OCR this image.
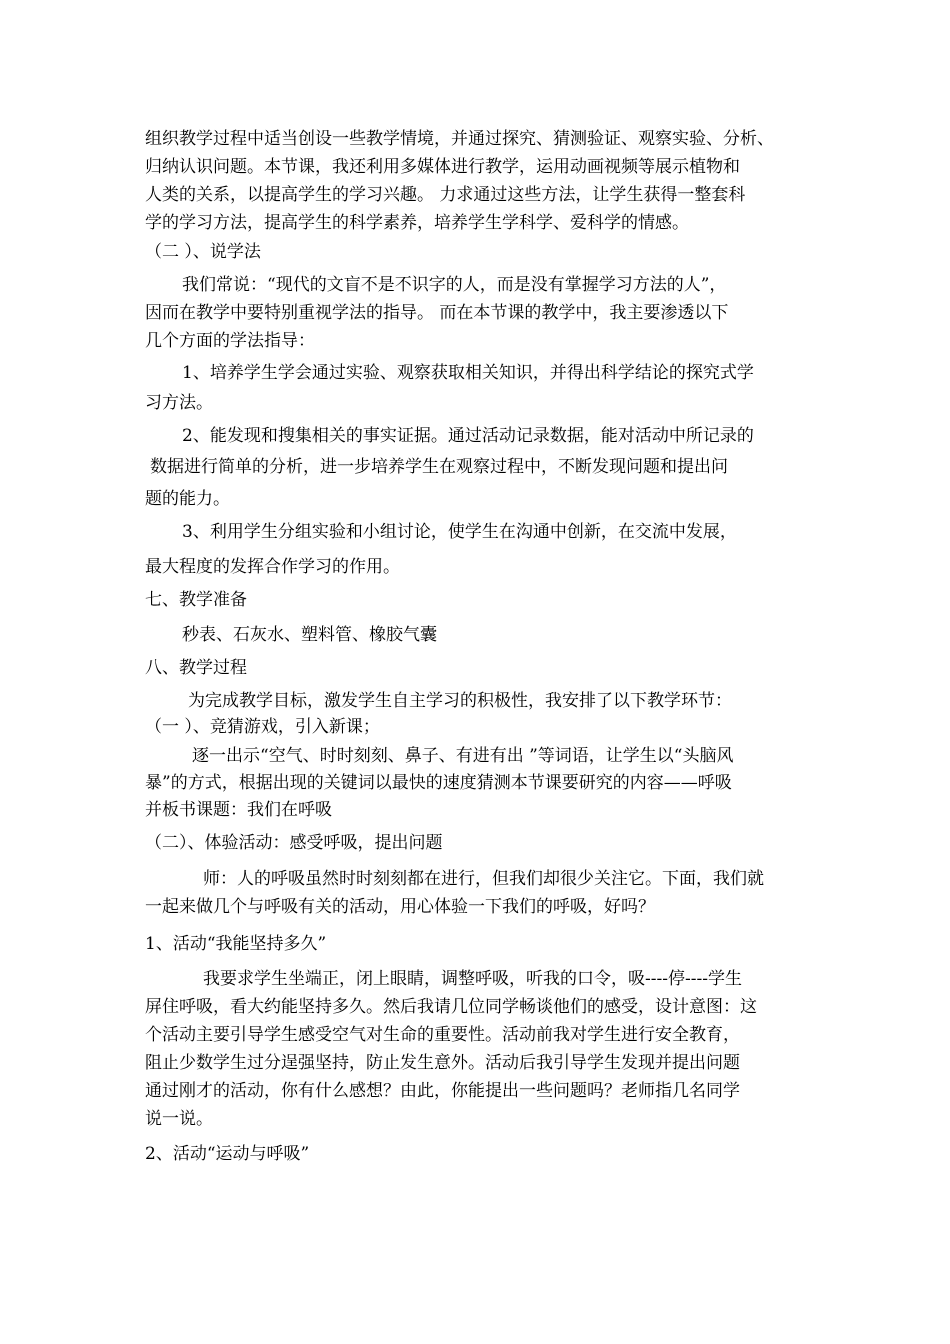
组织教学过程中适当创设一些教学情境，并通过探究、猜测验证、观察实验、分析、
归纳认识问题。本节课，我还利用多媒体进行教学，运用动画视频等展示植物和
人类的关系，以提高学生的学习兴趣。 力求通过这些方法，让学生获得一整套科
学的学习方法，提高学生的科学素养，培养学生学科学、爱科学的情感。
（二 ）、说学法
我们常说：“现代的文盲不是不识字的人，而是没有掌握学习方法的人”，
因而在教学中要特别重视学法的指导。 而在本节课的教学中，我主要渗透以下
几个方面的学法指导：
1、培养学生学会通过实验、观察获取相关知识，并得出科学结论的探究式学
习方法。
2、能发现和搜集相关的事实证据。通过活动记录数据，能对活动中所记录的
数据进行简单的分析，进一步培养学生在观察过程中，不断发现问题和提出问
题的能力。
3、利用学生分组实验和小组讨论，使学生在沟通中创新，在交流中发展，
最大程度的发挥合作学习的作用。
七、教学准备
秒表、石灰水、塑料管、橡胶气囊
八、教学过程
为完成教学目标，激发学生自主学习的积极性，我安排了以下教学环节：
（一 ）、竞猜游戏，引入新课；
逐一出示“空气、时时刻刻、鼻子、有进有出 ”等词语，让学生以“头脑风
暴”的方式，根据出现的关键词以最快的速度猜测本节课要研究的内容——呼吸
并板书课题：我们在呼吸
（二）、体验活动：感受呼吸，提出问题
师：人的呼吸虽然时时刻刻都在进行，但我们却很少关注它。下面，我们就
一起来做几个与呼吸有关的活动，用心体验一下我们的呼吸，好吗？
1、活动“我能坚持多久”
我要求学生坐端正，闭上眼睛，调整呼吸，听我的口令，吸----停----学生
屏住呼吸，看大约能坚持多久。然后我请几位同学畅谈他们的感受，设计意图：这
个活动主要引导学生感受空气对生命的重要性。活动前我对学生进行安全教育，
阻止少数学生过分逞强坚持，防止发生意外。活动后我引导学生发现并提出问题
通过刚才的活动，你有什么感想？由此，你能提出一些问题吗？老师指几名同学
说一说。
2、活动“运动与呼吸”
